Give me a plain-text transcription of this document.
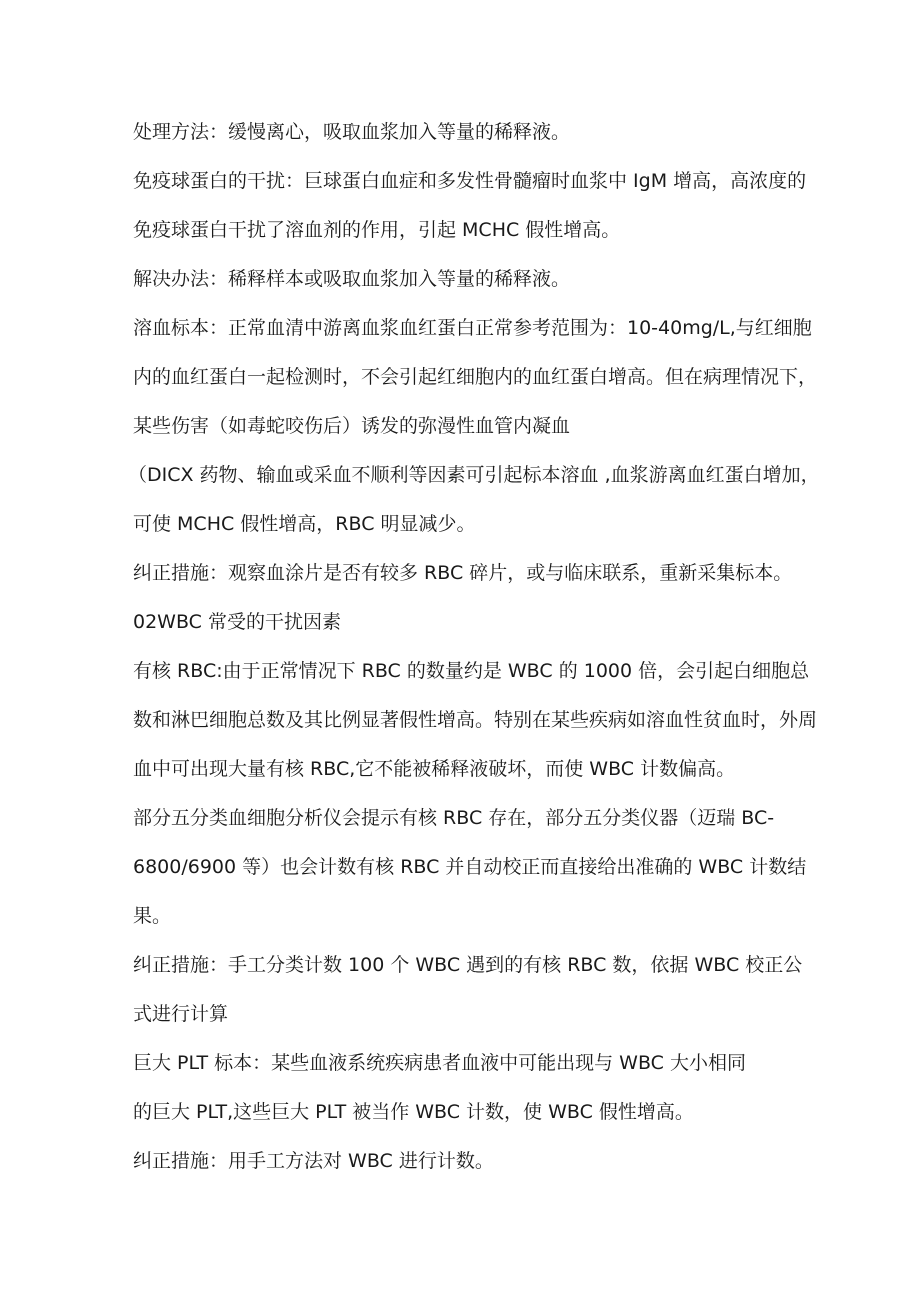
处理方法：缓慢离心，吸取血浆加入等量的稀释液。
免疫球蛋白的干扰：巨球蛋白血症和多发性骨髓瘤时血浆中 IgM 增高，高浓度的
免疫球蛋白干扰了溶血剂的作用，引起 MCHC 假性增高。
解决办法：稀释样本或吸取血浆加入等量的稀释液。
溶血标本：正常血清中游离血浆血红蛋白正常参考范围为：10-40mg/L,与红细胞
内的血红蛋白一起检测时，不会引起红细胞内的血红蛋白增高。但在病理情况下，
某些伤害（如毒蛇咬伤后）诱发的弥漫性血管内凝血
（DICX 药物、输血或采血不顺利等因素可引起标本溶血 ,血浆游离血红蛋白增加，
可使 MCHC 假性增高，RBC 明显减少。
纠正措施：观察血涂片是否有较多 RBC 碎片，或与临床联系，重新采集标本。
02WBC 常受的干扰因素
有核 RBC:由于正常情况下 RBC 的数量约是 WBC 的 1000 倍，会引起白细胞总
数和淋巴细胞总数及其比例显著假性增高。特别在某些疾病如溶血性贫血时，外周
血中可出现大量有核 RBC,它不能被稀释液破坏，而使 WBC 计数偏高。
部分五分类血细胞分析仪会提示有核 RBC 存在，部分五分类仪器（迈瑞 BC-
6800/6900 等）也会计数有核 RBC 并自动校正而直接给出准确的 WBC 计数结
果。
纠正措施：手工分类计数 100 个 WBC 遇到的有核 RBC 数，依据 WBC 校正公
式进行计算
巨大 PLT 标本：某些血液系统疾病患者血液中可能出现与 WBC 大小相同
的巨大 PLT,这些巨大 PLT 被当作 WBC 计数，使 WBC 假性增高。
纠正措施：用手工方法对 WBC 进行计数。
